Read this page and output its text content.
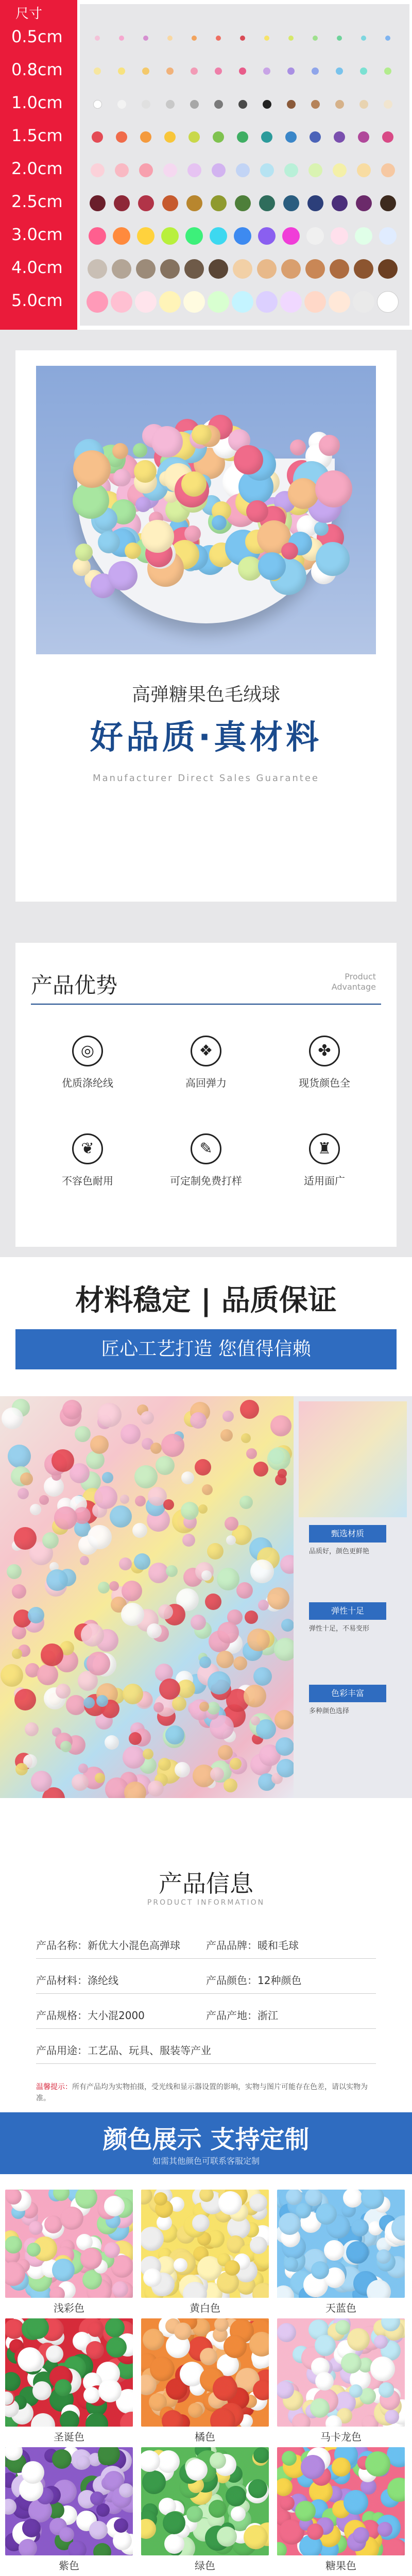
尺寸
0.5cm
0.8cm
1.0cm
1.5cm
2.0cm
2.5cm
3.0cm
4.0cm
5.0cm
高弹糖果色毛绒球
好品质·真材料
Manufacturer Direct Sales Guarantee
产品优势	Product
Advantage
◎
优质涤纶线
❖
高回弹力
✤
现货颜色全
❦
不容色耐用
✎
可定制免费打样
♜
适用面广
材料稳定 | 品质保证
匠心工艺打造 您值得信赖
甄选材质
品质好，颜色更鲜艳
弹性十足
弹性十足，不易变形
色彩丰富
多种颜色选择
产品信息
PRODUCT INFORMATION
产品名称：新优大小混色高弹球	产品品牌：暖和毛球
产品材料：涤纶线	产品颜色：12种颜色
产品规格：大小混2000	产品产地：浙江
产品用途：工艺品、玩具、服装等产业
温馨提示：所有产品均为实物拍摄，受光线和显示器设置的影响，实物与图片可能存在色差，请以实物为准。
颜色展示 支持定制
如需其他颜色可联系客服定制
浅彩色	黄白色	天蓝色
圣诞色	橘色	马卡龙色
紫色	绿色	糖果色
